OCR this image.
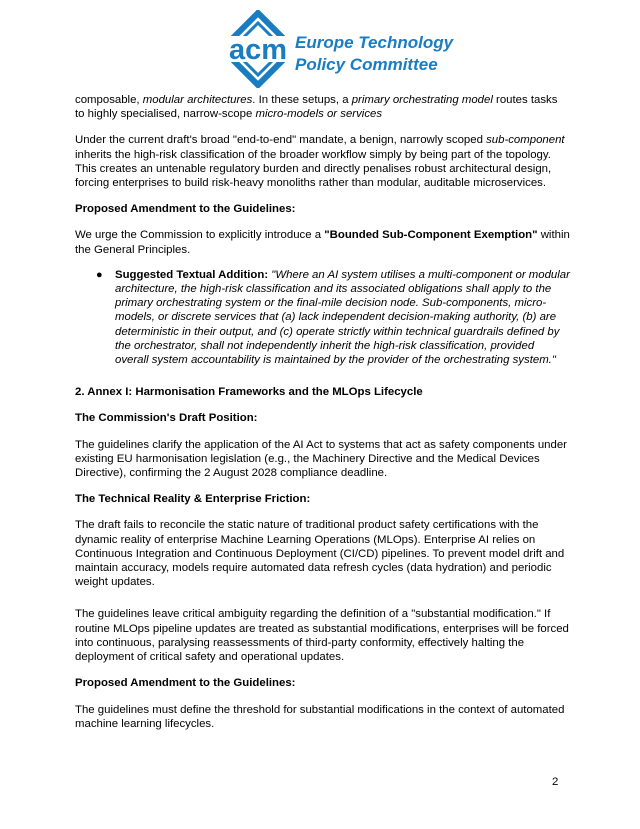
acm Europe Technology
Policy Committee

composable, modular architectures. In these setups, a primary orchestrating model routes tasks to highly specialised, narrow-scope micro-models or services

Under the current draft's broad "end-to-end" mandate, a benign, narrowly scoped sub-component inherits the high-risk classification of the broader workflow simply by being part of the topology. This creates an untenable regulatory burden and directly penalises robust architectural design, forcing enterprises to build risk-heavy monoliths rather than modular, auditable microservices.

Proposed Amendment to the Guidelines:

We urge the Commission to explicitly introduce a "Bounded Sub-Component Exemption" within the General Principles.

● Suggested Textual Addition: "Where an AI system utilises a multi-component or modular architecture, the high-risk classification and its associated obligations shall apply to the primary orchestrating system or the final-mile decision node. Sub-components, micro-models, or discrete services that (a) lack independent decision-making authority, (b) are deterministic in their output, and (c) operate strictly within technical guardrails defined by the orchestrator, shall not independently inherit the high-risk classification, provided overall system accountability is maintained by the provider of the orchestrating system."

2. Annex I: Harmonisation Frameworks and the MLOps Lifecycle

The Commission's Draft Position:

The guidelines clarify the application of the AI Act to systems that act as safety components under existing EU harmonisation legislation (e.g., the Machinery Directive and the Medical Devices Directive), confirming the 2 August 2028 compliance deadline.

The Technical Reality & Enterprise Friction:

The draft fails to reconcile the static nature of traditional product safety certifications with the dynamic reality of enterprise Machine Learning Operations (MLOps). Enterprise AI relies on Continuous Integration and Continuous Deployment (CI/CD) pipelines. To prevent model drift and maintain accuracy, models require automated data refresh cycles (data hydration) and periodic weight updates.

The guidelines leave critical ambiguity regarding the definition of a "substantial modification." If routine MLOps pipeline updates are treated as substantial modifications, enterprises will be forced into continuous, paralysing reassessments of third-party conformity, effectively halting the deployment of critical safety and operational updates.

Proposed Amendment to the Guidelines:

The guidelines must define the threshold for substantial modifications in the context of automated machine learning lifecycles.

2
